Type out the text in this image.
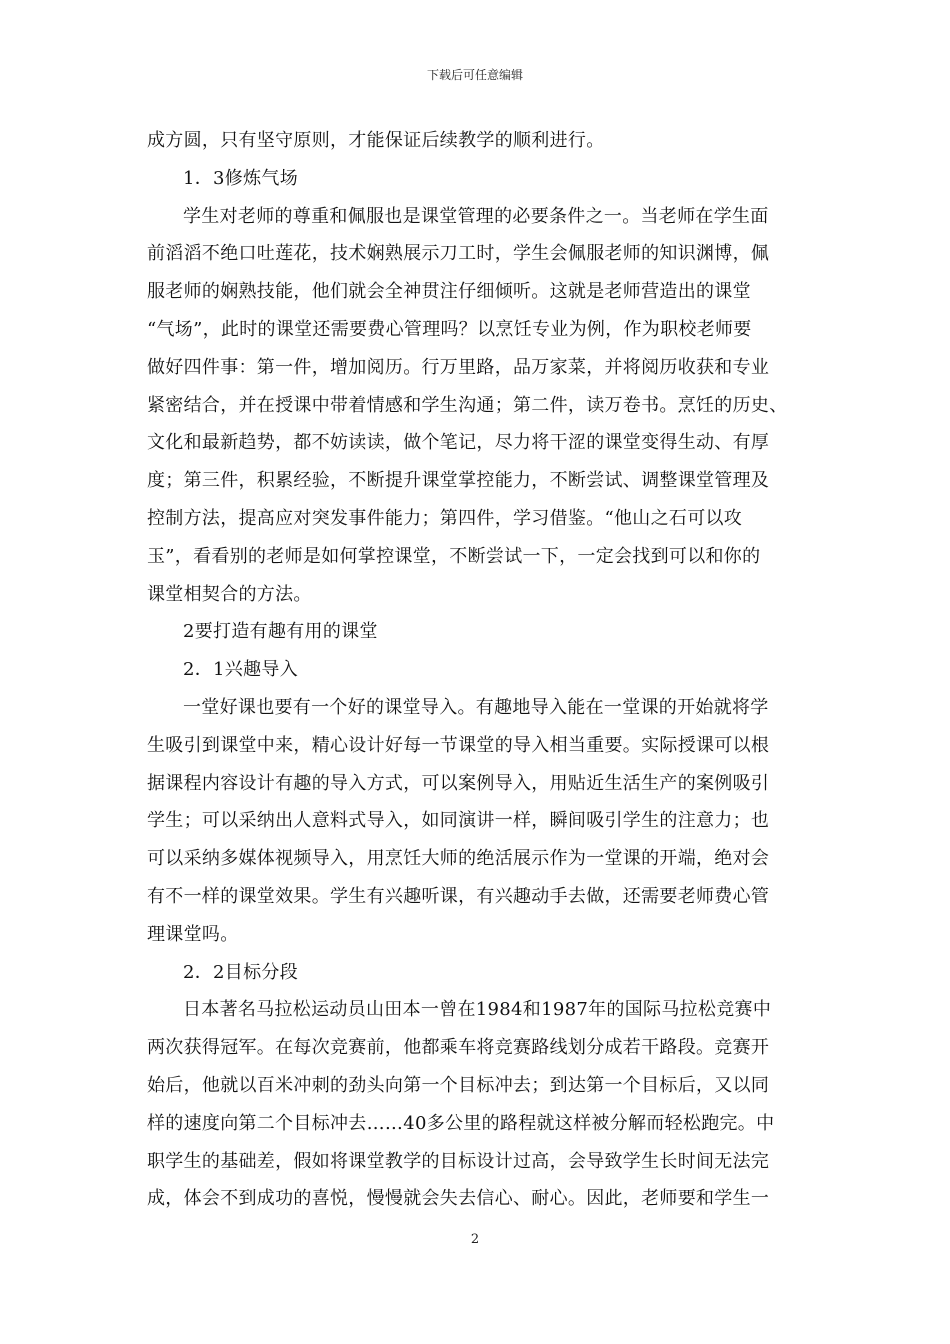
下载后可任意编辑
成方圆，只有坚守原则，才能保证后续教学的顺利进行。
1．3修炼气场
学生对老师的尊重和佩服也是课堂管理的必要条件之一。当老师在学生面
前滔滔不绝口吐莲花，技术娴熟展示刀工时，学生会佩服老师的知识渊博，佩
服老师的娴熟技能，他们就会全神贯注仔细倾听。这就是老师营造出的课堂
“气场”，此时的课堂还需要费心管理吗？以烹饪专业为例，作为职校老师要
做好四件事：第一件，增加阅历。行万里路，品万家菜，并将阅历收获和专业
紧密结合，并在授课中带着情感和学生沟通；第二件，读万卷书。烹饪的历史、
文化和最新趋势，都不妨读读，做个笔记，尽力将干涩的课堂变得生动、有厚
度；第三件，积累经验，不断提升课堂掌控能力，不断尝试、调整课堂管理及
控制方法，提高应对突发事件能力；第四件，学习借鉴。“他山之石可以攻
玉”，看看别的老师是如何掌控课堂，不断尝试一下，一定会找到可以和你的
课堂相契合的方法。
2要打造有趣有用的课堂
2．1兴趣导入
一堂好课也要有一个好的课堂导入。有趣地导入能在一堂课的开始就将学
生吸引到课堂中来，精心设计好每一节课堂的导入相当重要。实际授课可以根
据课程内容设计有趣的导入方式，可以案例导入，用贴近生活生产的案例吸引
学生；可以采纳出人意料式导入，如同演讲一样，瞬间吸引学生的注意力；也
可以采纳多媒体视频导入，用烹饪大师的绝活展示作为一堂课的开端，绝对会
有不一样的课堂效果。学生有兴趣听课，有兴趣动手去做，还需要老师费心管
理课堂吗。
2．2目标分段
日本著名马拉松运动员山田本一曾在1984和1987年的国际马拉松竞赛中
两次获得冠军。在每次竞赛前，他都乘车将竞赛路线划分成若干路段。竞赛开
始后，他就以百米冲刺的劲头向第一个目标冲去；到达第一个目标后，又以同
样的速度向第二个目标冲去……40多公里的路程就这样被分解而轻松跑完。中
职学生的基础差，假如将课堂教学的目标设计过高，会导致学生长时间无法完
成，体会不到成功的喜悦，慢慢就会失去信心、耐心。因此，老师要和学生一
2
